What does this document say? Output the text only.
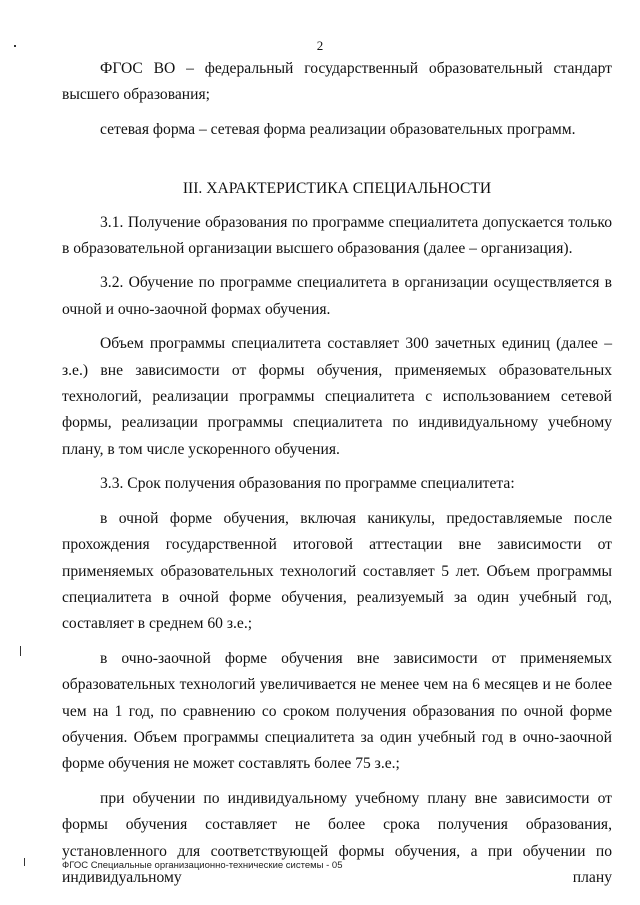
2

ФГОС ВО – федеральный государственный образовательный стандарт высшего образования;

сетевая форма – сетевая форма реализации образовательных программ.

III. ХАРАКТЕРИСТИКА СПЕЦИАЛЬНОСТИ

3.1. Получение образования по программе специалитета допускается только в образовательной организации высшего образования (далее – организация).

3.2. Обучение по программе специалитета в организации осуществляется в очной и очно-заочной формах обучения.

Объем программы специалитета составляет 300 зачетных единиц (далее – з.е.) вне зависимости от формы обучения, применяемых образовательных технологий, реализации программы специалитета с использованием сетевой формы, реализации программы специалитета по индивидуальному учебному плану, в том числе ускоренного обучения.

3.3. Срок получения образования по программе специалитета:

в очной форме обучения, включая каникулы, предоставляемые после прохождения государственной итоговой аттестации вне зависимости от применяемых образовательных технологий составляет 5 лет. Объем программы специалитета в очной форме обучения, реализуемый за один учебный год, составляет в среднем 60 з.е.;

в очно-заочной форме обучения вне зависимости от применяемых образовательных технологий увеличивается не менее чем на 6 месяцев и не более чем на 1 год, по сравнению со сроком получения образования по очной форме обучения. Объем программы специалитета за один учебный год в очно-заочной форме обучения не может составлять более 75 з.е.;

при обучении по индивидуальному учебному плану вне зависимости от формы обучения составляет не более срока получения образования, установленного для соответствующей формы обучения, а при обучении по индивидуальному плану

ФГОС Специальные организационно-технические системы - 05
